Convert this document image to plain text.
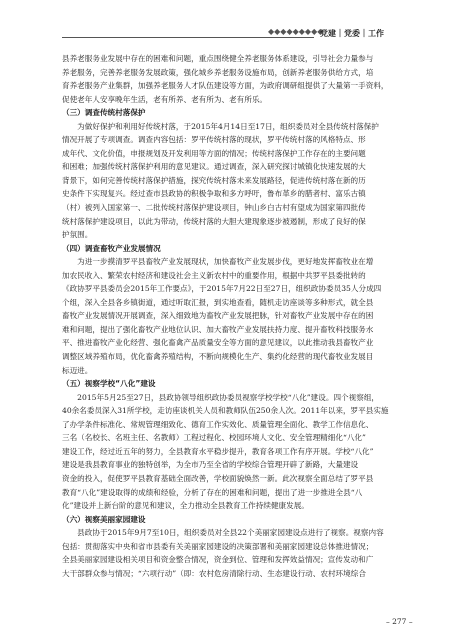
◆◆◆◆◆◆◆◆◆
党建｜党委｜工作
县养老服务业发展中存在的困难和问题，重点围绕健全养老服务体系建设，引导社会力量参与
养老服务，完善养老服务发展政策，强化城乡养老服务设施布局，创新养老服务供给方式，培
育养老服务产业集群，加强养老服务人才队伍建设等方面，为政府调研组提供了大量第一手资料，
促使老年人安享晚年生活，老有所养、老有所为、老有所乐。
（三）调查传统村落保护
　　为做好保护和利用好传统村落，于2015年4月14日至17日，组织委员对全县传统村落保护
情况开展了专项调查。调查内容包括：罗平传统村落的现状，罗平传统村落的风格特点、形
成年代、文化价值，申报规划及开发利用等方面的情况；传统村落保护工作存在的主要问题
和困难；加强传统村落保护利用的意见建议。通过调查，深入研究探讨城镇化快速发展的大
背景下，如何完善传统村落保护措施，探究传统村落未来发展路径，促进传统村落在新的历
史条件下实现复兴。经过查市县政协的积极争取和多方呼吁，鲁布革乡的腊者村、富乐古镇
（村）被列入国家第一、二批传统村落保护建设项目，钟山乡白古村有望成为国家第四批传
统村落保护建设项目，以此为带动，传统村落的大胆大建现象逐步被遏制，形成了良好的保
护氛围。
（四）调查畜牧产业发展情况
　　为进一步摸清罗平县畜牧产业发展现状，加快畜牧产业发展步伐，更好地发挥畜牧业在增
加农民收入、繁荣农村经济和建设社会主义新农村中的重要作用，根据中共罗平县委批转的
《政协罗平县委员会2015年工作要点》，于2015年7月22日至27日，组织政协委员35人分成四
个组，深入全县各乡镇街道，通过听取汇报，到实地查看，随机走访座谈等多种形式，就全县
畜牧产业发展情况开展调查，深入细致地为畜牧产业发展把脉，针对畜牧产业发展中存在的困
难和问题，提出了强化畜牧产业地位认识、加大畜牧产业发展扶持力度、提升畜牧科技服务水
平、推进畜牧产业化经营、强化畜禽产品质量安全等方面的意见建议，以此推动我县畜牧产业
调整区域养殖布局，优化畜禽养殖结构，不断向规模化生产、集约化经营的现代畜牧业发展目
标迈进。
（五）视察学校“八化”建设
　　2015年5月25至27日，县政协领导组织政协委员视察学校学校“八化”建设。四个视察组，
40余名委员深入31所学校，走访座谈机关人员和教师队伍250余人次。2011年以来，罗平县实施
了办学条件标准化、常规管理细致化、德育工作实效化、质量管理全面化、教学工作信息化、
三名（名校长、名班主任、名教师）工程过程化、校园环境人文化、安全管理精细化“八化”
建设工作，经过近五年的努力，全县教育水平稳步提升，教育各项工作有序开展。学校“八化”
建设是我县教育事业的独特创举，为全市乃至全省的学校综合管理开辟了新路，大量建设
资金的投入，促使罗平县教育基础全面改善，学校面貌焕然一新。此次视察全面总结了罗平县
教育“八化”建设取得的成绩和经验，分析了存在的困难和问题，提出了进一步推进全县“八
化”建设并上新台阶的意见和建议，全力推动全县教育工作持续健康发展。
（六）视察美丽家园建设
　　县政协于2015年9月7至10日，组织委员对全县22个美丽家园建设点进行了视察。视察内容
包括：贯彻落实中央和省市县委有关美丽家园建设的决策部署和美丽家园建设总体推进情况；
全县美丽家园建设相关项目和资金整合情况，资金到位、管理和发挥效益情况；宣传发动和广
大干部群众参与情况；“六项行动”（即：农村危房清除行动、生态建设行动、农村环境综合
– 277 –
